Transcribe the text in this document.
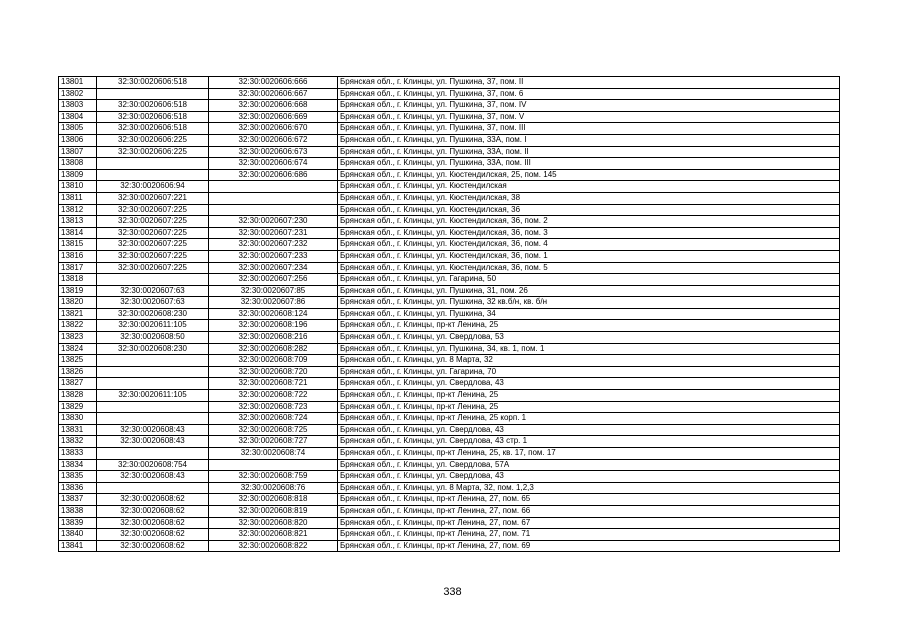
13801	32:30:0020606:518	32:30:0020606:666	Брянская обл., г. Клинцы, ул. Пушкина, 37, пом. II
13802		32:30:0020606:667	Брянская обл., г. Клинцы, ул. Пушкина, 37, пом. 6
13803	32:30:0020606:518	32:30:0020606:668	Брянская обл., г. Клинцы, ул. Пушкина, 37, пом. IV
13804	32:30:0020606:518	32:30:0020606:669	Брянская обл., г. Клинцы, ул. Пушкина, 37, пом. V
13805	32:30:0020606:518	32:30:0020606:670	Брянская обл., г. Клинцы, ул. Пушкина, 37, пом. III
13806	32:30:0020606:225	32:30:0020606:672	Брянская обл., г. Клинцы, ул. Пушкина, 33А, пом. I
13807	32:30:0020606:225	32:30:0020606:673	Брянская обл., г. Клинцы, ул. Пушкина, 33А, пом. II
13808		32:30:0020606:674	Брянская обл., г. Клинцы, ул. Пушкина, 33А, пом. III
13809		32:30:0020606:686	Брянская обл., г. Клинцы, ул. Кюстендилская, 25, пом. 145
13810	32:30:0020606:94		Брянская обл., г. Клинцы, ул. Кюстендилская
13811	32:30:0020607:221		Брянская обл., г. Клинцы, ул. Кюстендилская, 38
13812	32:30:0020607:225		Брянская обл., г. Клинцы, ул. Кюстендилская, 36
13813	32:30:0020607:225	32:30:0020607:230	Брянская обл., г. Клинцы, ул. Кюстендилская, 36, пом. 2
13814	32:30:0020607:225	32:30:0020607:231	Брянская обл., г. Клинцы, ул. Кюстендилская, 36, пом. 3
13815	32:30:0020607:225	32:30:0020607:232	Брянская обл., г. Клинцы, ул. Кюстендилская, 36, пом. 4
13816	32:30:0020607:225	32:30:0020607:233	Брянская обл., г. Клинцы, ул. Кюстендилская, 36, пом. 1
13817	32:30:0020607:225	32:30:0020607:234	Брянская обл., г. Клинцы, ул. Кюстендилская, 36, пом. 5
13818		32:30:0020607:256	Брянская обл., г. Клинцы, ул. Гагарина, 50
13819	32:30:0020607:63	32:30:0020607:85	Брянская обл., г. Клинцы, ул. Пушкина, 31, пом. 26
13820	32:30:0020607:63	32:30:0020607:86	Брянская обл., г. Клинцы, ул. Пушкина, 32 кв.б/н, кв. б/н
13821	32:30:0020608:230	32:30:0020608:124	Брянская обл., г. Клинцы, ул. Пушкина, 34
13822	32:30:0020611:105	32:30:0020608:196	Брянская обл., г. Клинцы, пр-кт Ленина, 25
13823	32:30:0020608:50	32:30:0020608:216	Брянская обл., г. Клинцы, ул. Свердлова, 53
13824	32:30:0020608:230	32:30:0020608:282	Брянская обл., г. Клинцы, ул. Пушкина, 34, кв. 1, пом. 1
13825		32:30:0020608:709	Брянская обл., г. Клинцы, ул. 8 Марта, 32
13826		32:30:0020608:720	Брянская обл., г. Клинцы, ул. Гагарина, 70
13827		32:30:0020608:721	Брянская обл., г. Клинцы, ул. Свердлова, 43
13828	32:30:0020611:105	32:30:0020608:722	Брянская обл., г. Клинцы, пр-кт Ленина, 25
13829		32:30:0020608:723	Брянская обл., г. Клинцы, пр-кт Ленина, 25
13830		32:30:0020608:724	Брянская обл., г. Клинцы, пр-кт Ленина, 25 корп. 1
13831	32:30:0020608:43	32:30:0020608:725	Брянская обл., г. Клинцы, ул. Свердлова, 43
13832	32:30:0020608:43	32:30:0020608:727	Брянская обл., г. Клинцы, ул. Свердлова, 43 стр. 1
13833		32:30:0020608:74	Брянская обл., г. Клинцы, пр-кт Ленина, 25, кв. 17, пом. 17
13834	32:30:0020608:754		Брянская обл., г. Клинцы, ул. Свердлова, 57А
13835	32:30:0020608:43	32:30:0020608:759	Брянская обл., г. Клинцы, ул. Свердлова, 43
13836		32:30:0020608:76	Брянская обл., г. Клинцы, ул. 8 Марта, 32, пом. 1,2,3
13837	32:30:0020608:62	32:30:0020608:818	Брянская обл., г. Клинцы, пр-кт Ленина, 27, пом. 65
13838	32:30:0020608:62	32:30:0020608:819	Брянская обл., г. Клинцы, пр-кт Ленина, 27, пом. 66
13839	32:30:0020608:62	32:30:0020608:820	Брянская обл., г. Клинцы, пр-кт Ленина, 27, пом. 67
13840	32:30:0020608:62	32:30:0020608:821	Брянская обл., г. Клинцы, пр-кт Ленина, 27, пом. 71
13841	32:30:0020608:62	32:30:0020608:822	Брянская обл., г. Клинцы, пр-кт Ленина, 27, пом. 69
338
